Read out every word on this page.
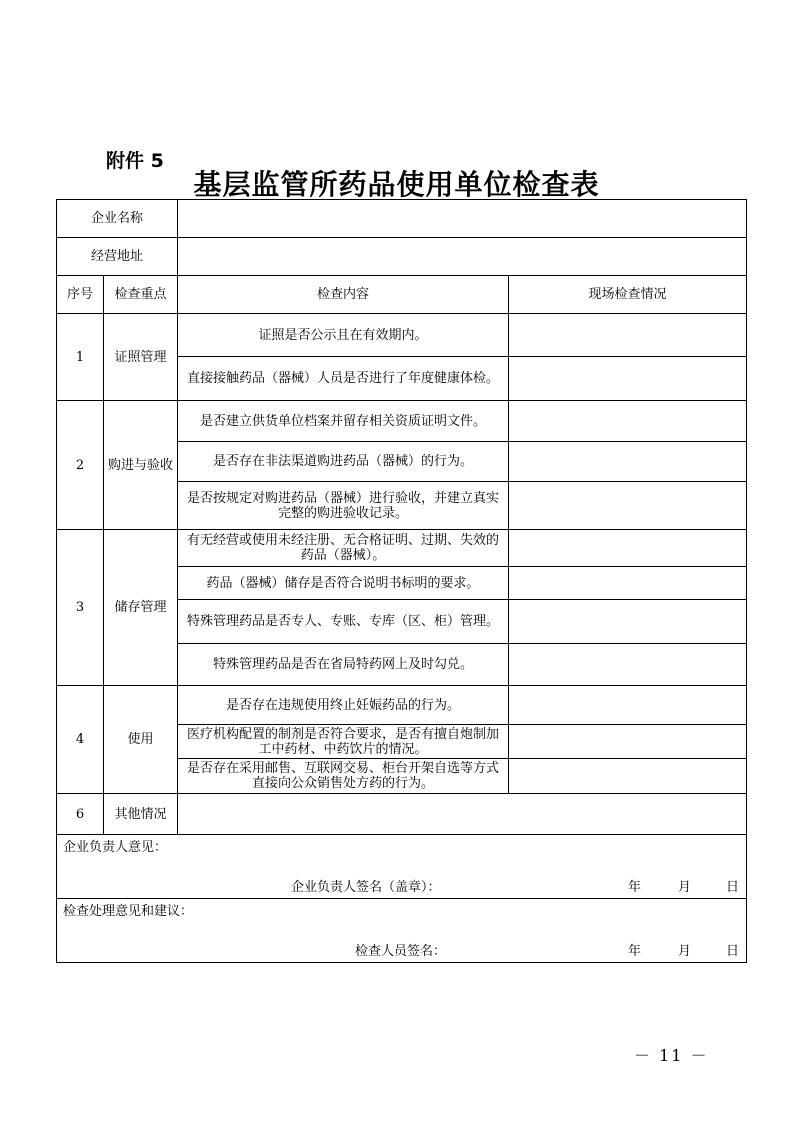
附件 5
基层监管所药品使用单位检查表
企业名称			
经营地址			
序号	检查重点	检查内容	现场检查情况
1	证照管理	证照是否公示且在有效期内。	
		直接接触药品（器械）人员是否进行了年度健康体检。	
2	购进与验收	是否建立供货单位档案并留存相关资质证明文件。	
		是否存在非法渠道购进药品（器械）的行为。	
		是否按规定对购进药品（器械）进行验收，并建立真实完整的购进验收记录。	
3	储存管理	有无经营或使用未经注册、无合格证明、过期、失效的药品（器械）。	
		药品（器械）储存是否符合说明书标明的要求。	
		特殊管理药品是否专人、专账、专库（区、柜）管理。	
		特殊管理药品是否在省局特药网上及时勾兑。	
4	使用	是否存在违规使用终止妊娠药品的行为。	
		医疗机构配置的制剂是否符合要求，是否有擅自炮制加工中药材、中药饮片的情况。	
		是否存在采用邮售、互联网交易、柜台开架自选等方式直接向公众销售处方药的行为。	
6	其他情况		

企业负责人意见：
企业负责人签名（盖章）： 年 月 日			

检查处理意见和建议：
检查人员签名： 年 月 日			
－ 11 －
